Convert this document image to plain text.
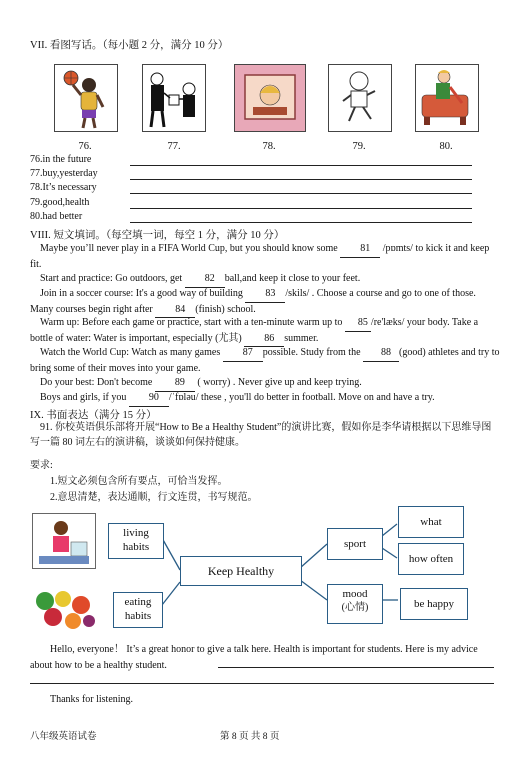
VII. 看图写话。（每小题 2 分，满分 10 分）
76.	77.	78.	79.	80.
76.in the future
77.buy,yesterday
78.It’s necessary
79.good,health
80.had better
VIII. 短文填词。（每空填一词，每空 1 分，满分 10 分）
Maybe you’ll never play in a FIFA World Cup, but you should know some 81 /pɒmts/ to kick it and keep fit.
Start and practice: Go outdoors, get 82 ball,and keep it close to your feet.
Join in a soccer course: It's a good way of building 83 /skils/ . Choose a course and go to one of those. Many courses begin right after 84 (finish) school.
Warm up: Before each game or practice, start with a ten-minute warm up to 85 /re'læks/ your body. Take a bottle of water: Water is important, especially (尤其) 86 summer.
Watch the World Cup: Watch as many games 87 possible. Study from the 88 (good) athletes and try to bring some of their moves into your game.
Do your best: Don't become 89 ( worry) . Never give up and keep trying.
Boys and girls, if you 90 /ˈfɒləu/ these , you'll do better in football. Move on and have a try.
IX. 书面表达（满分 15 分）
91. 你校英语俱乐部将开展“How to Be a Healthy Student”的演讲比赛，假如你是李华请根据以下思维导图写一篇 80 词左右的演讲稿，谈谈如何保持健康。
要求:
1.短文必须包含所有要点，可恰当发挥。
2.意思清楚，表达通顺，行文连贯，书写规范。
living habits
eating habits
Keep Healthy
sport
what
how often
mood
(心情)	be happy
Hello, everyone！ It’s a great honor to give a talk here. Health is important for students. Here is my advice about how to be a healthy student.
Thanks for listening.
八年级英语试卷	第 8 页 共 8 页
